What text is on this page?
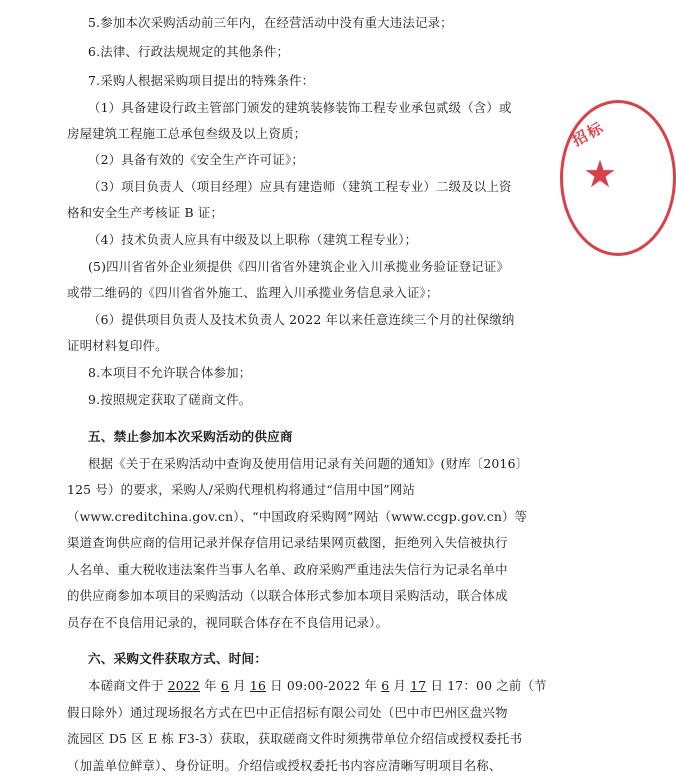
5.参加本次采购活动前三年内，在经营活动中没有重大违法记录；
6.法律、行政法规规定的其他条件；
7.采购人根据采购项目提出的特殊条件：
（1）具备建设行政主管部门颁发的建筑装修装饰工程专业承包贰级（含）或
房屋建筑工程施工总承包叁级及以上资质；
（2）具备有效的《安全生产许可证》；
（3）项目负责人（项目经理）应具有建造师（建筑工程专业）二级及以上资
格和安全生产考核证 B 证；
（4）技术负责人应具有中级及以上职称（建筑工程专业）；
(5)四川省省外企业须提供《四川省省外建筑企业入川承揽业务验证登记证》
或带二维码的《四川省省外施工、监理入川承揽业务信息录入证》；
（6）提供项目负责人及技术负责人 2022 年以来任意连续三个月的社保缴纳
证明材料复印件。
8.本项目不允许联合体参加；
9.按照规定获取了磋商文件。
五、禁止参加本次采购活动的供应商
根据《关于在采购活动中查询及使用信用记录有关问题的通知》(财库〔2016〕
125 号）的要求，采购人/采购代理机构将通过“信用中国”网站
（www.creditchina.gov.cn）、“中国政府采购网”网站（www.ccgp.gov.cn）等
渠道查询供应商的信用记录并保存信用记录结果网页截图，拒绝列入失信被执行
人名单、重大税收违法案件当事人名单、政府采购严重违法失信行为记录名单中
的供应商参加本项目的采购活动（以联合体形式参加本项目采购活动，联合体成
员存在不良信用记录的，视同联合体存在不良信用记录）。
六、采购文件获取方式、时间：
本磋商文件于 2022 年 6 月 16 日 09:00-2022 年 6 月 17 日 17：00 之前（节
假日除外）通过现场报名方式在巴中正信招标有限公司处（巴中市巴州区盘兴物
流园区 D5 区 E 栋 F3-3）获取，获取磋商文件时须携带单位介绍信或授权委托书
（加盖单位鲜章）、身份证明。介绍信或授权委托书内容应清晰写明项目名称、
招标
★
